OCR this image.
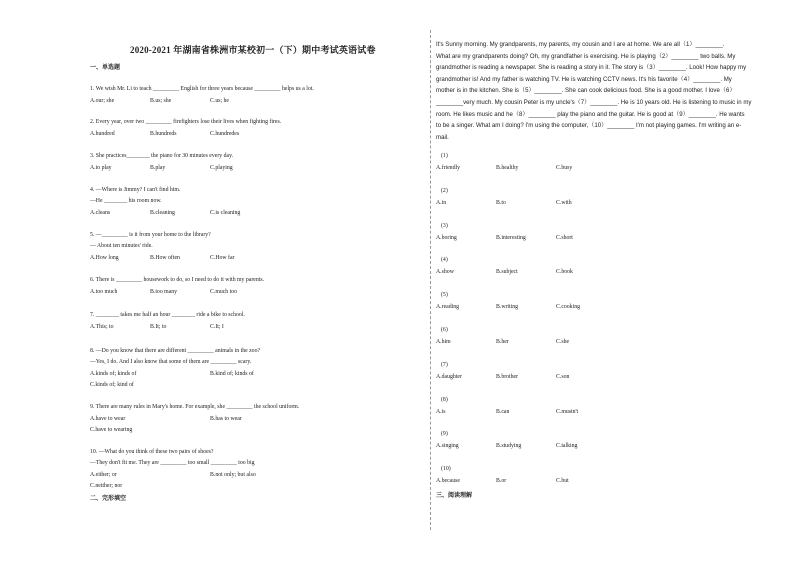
2020-2021 年湖南省株洲市某校初一（下）期中考试英语试卷
一、单选题
1. We wish Mr. Li to teach _________ English for three years because _________ helps us a lot.
A.our; she	B.us; she	C.us; he
2. Every year, over two _________ firefighters lose their lives when fighting fires.
A.hundred	B.hundreds	C.hundredes
3. She practices________ the piano for 30 minutes every day.
A.to play	B.play	C.playing
4. —Where is Jimmy? I can't find him.
—He ________ his room now.
A.cleans	B.cleaning	C.is cleaning
5. —_________ is it from your home to the library?
— About ten minutes' ride.
A.How long	B.How often	C.How far
6. There is _________ housework to do, so I need to do it with my parents.
A.too much	B.too many	C.much too
7. ________ takes me half an hour ________ ride a bike to school.
A.This; to	B.It; to	C.It; I
8. —Do you know that there are different _________ animals in the zoo?
—Yes, I do. And I also know that some of them are _________ scary.
A.kinds of; kinds of	B.kind of; kinds of
C.kinds of; kind of
9. There are many rules in Mary's home. For example, she _________ the school uniform.
A.have to wear	B.has to wear
C.have to wearing
10. —What do you think of these two pairs of shoes?
—They don't fit me. They are _________ too small _________ too big
A.either; or	B.not only; but also
C.neither; nor
二、完形填空
It's Sunny morning. My grandparents, my parents, my cousin and I are at home. We are all（1）________.
What are my grandparents doing? Oh, my grandfather is exercising. He is playing（2）________ two balls. My
grandmother is reading a newspaper. She is reading a story in it. The story is（3）________. Look! How happy my
grandmother is! And my father is watching TV. He is watching CCTV news. It's his favorite（4）________. My
mother is in the kitchen. She is（5）________. She can cook delicious food. She is a good mother. I love（6）
________very much. My cousin Peter is my uncle's（7）________. He is 10 years old. He is listening to music in my
room. He likes music and he（8）________ play the piano and the guitar. He is good at（9）________. He wants
to be a singer. What am I doing? I'm using the computer,（10）________ I'm not playing games. I'm writing an e-
mail.
(1)
A.friendly	B.healthy	C.busy
(2)
A.in	B.to	C.with
(3)
A.boring	B.interesting	C.short
(4)
A.show	B.subject	C.book
(5)
A.reading	B.writing	C.cooking
(6)
A.him	B.her	C.she
(7)
A.daughter	B.brother	C.son
(8)
A.is	B.can	C.mustn't
(9)
A.singing	B.studying	C.talking
(10)
A.because	B.or	C.but
三、阅读理解
